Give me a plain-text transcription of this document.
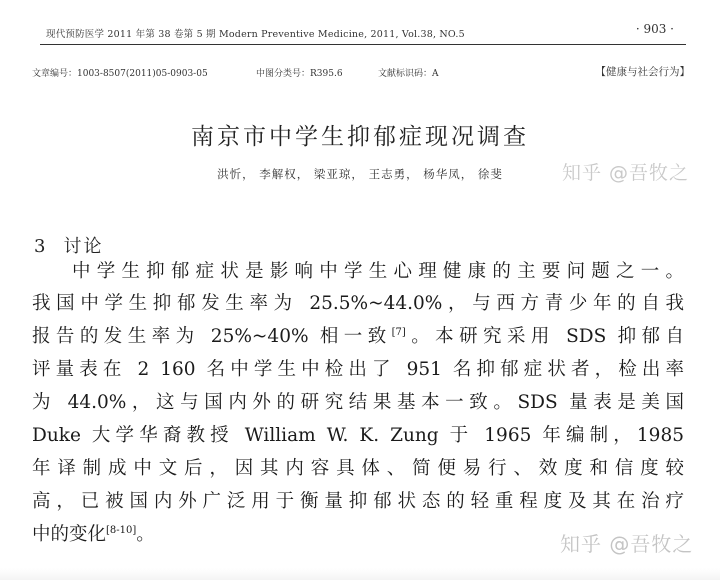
现代预防医学 2011 年第 38 卷第 5 期 Modern Preventive Medicine, 2011, Vol.38, NO.5	· 903 ·
文章编号：1003-8507(2011)05-0903-05	中图分类号：R395.6	文献标识码：A	【健康与社会行为】
南京市中学生抑郁症现况调查
洪忻， 李解权， 梁亚琼， 王志勇， 杨华凤， 徐斐	知乎 @吾牧之
3 讨论
中学生抑郁症状是影响中学生心理健康的主要问题之一。
我国中学生抑郁发生率为 25.5%~44.0%，与西方青少年的自我
报告的发生率为 25%~40% 相一致[7]。本研究采用 SDS 抑郁自
评量表在 2 160 名中学生中检出了 951 名抑郁症状者，检出率
为 44.0%，这与国内外的研究结果基本一致。SDS 量表是美国
Duke 大学华裔教授 William W. K. Zung 于 1965 年编制，1985
年译制成中文后，因其内容具体、简便易行、效度和信度较
高，已被国内外广泛用于衡量抑郁状态的轻重程度及其在治疗
中的变化[8-10]。	知乎 @吾牧之
